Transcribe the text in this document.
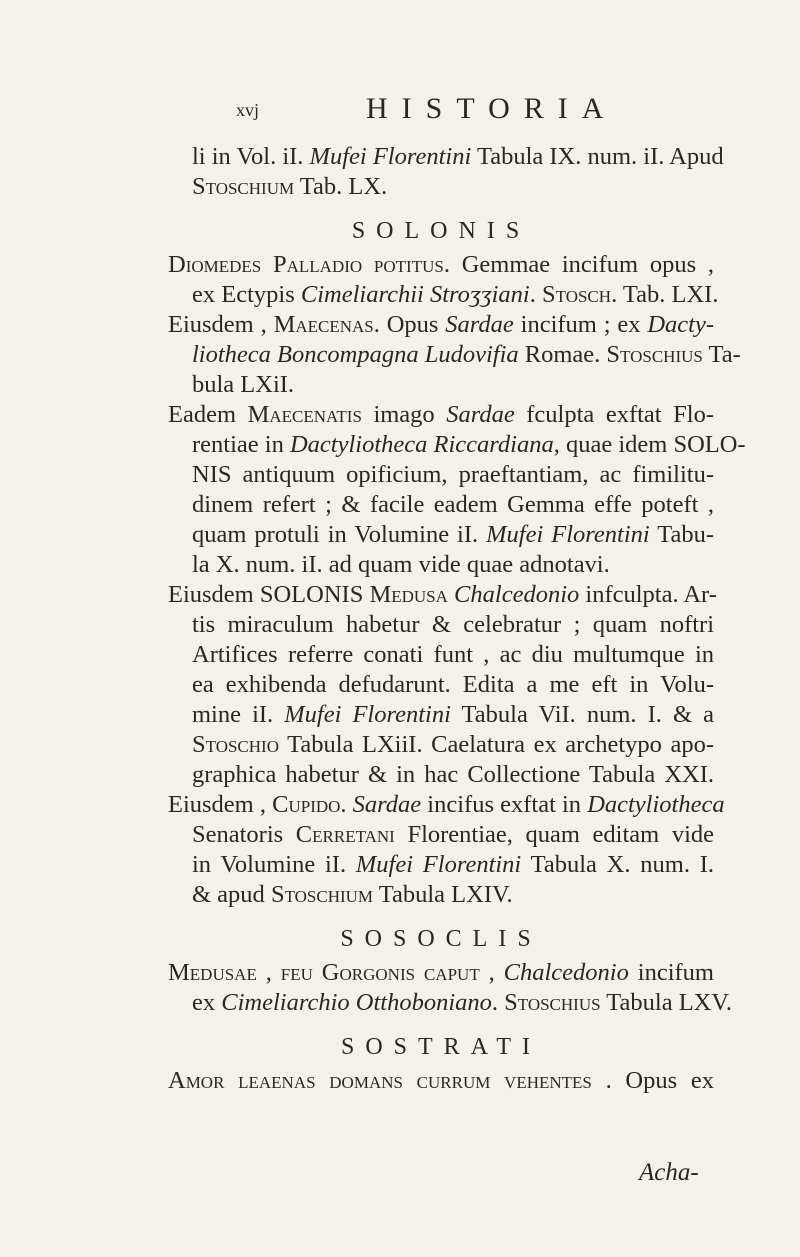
xvj	HISTORIA
li in Vol. iI. Mufei Florentini Tabula IX. num. iI. Apud
Stoschium Tab. LX.
SOLONIS
Diomedes Palladio potitus. Gemmae incifum opus ,
ex Ectypis Cimeliarchii Stroʒʒiani. Stosch. Tab. LXI.
Eiusdem , Maecenas. Opus Sardae incifum ; ex Dacty-
liotheca Boncompagna Ludovifia Romae. Stoschius Ta-
bula LXiI.
Eadem Maecenatis imago Sardae fculpta exftat Flo-
rentiae in Dactyliotheca Riccardiana, quae idem SOLO-
NIS antiquum opificium, praeftantiam, ac fimilitu-
dinem refert ; & facile eadem Gemma effe poteft ,
quam protuli in Volumine iI. Mufei Florentini Tabu-
la X. num. iI. ad quam vide quae adnotavi.
Eiusdem SOLONIS Medusa Chalcedonio infculpta. Ar-
tis miraculum habetur & celebratur ; quam noftri
Artifices referre conati funt , ac diu multumque in
ea exhibenda defudarunt. Edita a me eft in Volu-
mine iI. Mufei Florentini Tabula ViI. num. I. & a
Stoschio Tabula LXiiI. Caelatura ex archetypo apo-
graphica habetur & in hac Collectione Tabula XXI.
Eiusdem , Cupido. Sardae incifus exftat in Dactyliotheca
Senatoris Cerretani Florentiae, quam editam vide
in Volumine iI. Mufei Florentini Tabula X. num. I.
& apud Stoschium Tabula LXIV.
SOSOCLIS
Medusae , feu Gorgonis caput , Chalcedonio incifum
ex Cimeliarchio Otthoboniano. Stoschius Tabula LXV.
SOSTRATI
Amor leaenas domans currum vehentes . Opus ex
Acha-
